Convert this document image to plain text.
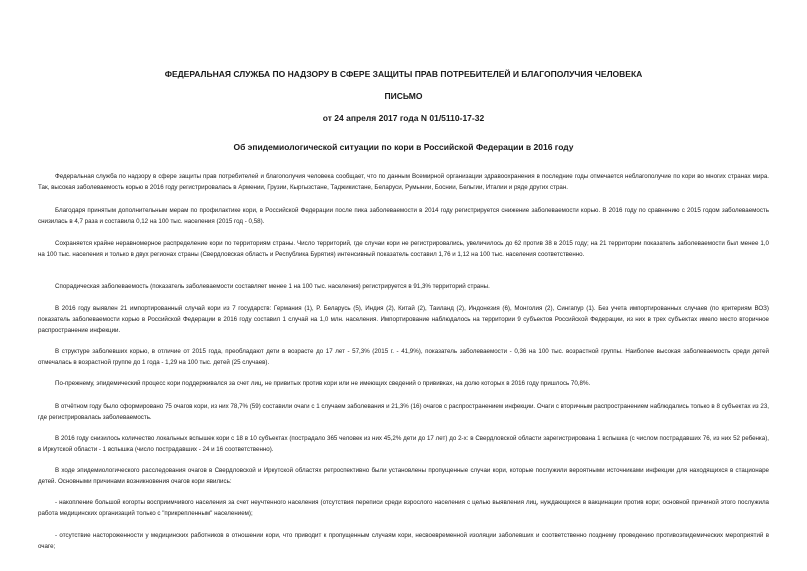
ФЕДЕРАЛЬНАЯ СЛУЖБА ПО НАДЗОРУ В СФЕРЕ ЗАЩИТЫ ПРАВ ПОТРЕБИТЕЛЕЙ И БЛАГОПОЛУЧИЯ ЧЕЛОВЕКА
ПИСЬМО
от 24 апреля 2017 года N 01/5110-17-32
Об эпидемиологической ситуации по кори в Российской Федерации в 2016 году

Федеральная служба по надзору в сфере защиты прав потребителей и благополучия человека сообщает, что по данным Всемирной организации здравоохранения в последние годы отмечается неблагополучие по кори во многих странах мира. Так, высокая заболеваемость корью в 2016 году регистрировалась в Армении, Грузии, Кыргызстане, Таджикистане, Беларуси, Румынии, Боснии, Бельгии, Италии и ряде других стран.

Благодаря принятым дополнительным мерам по профилактике кори, в Российской Федерации после пика заболеваемости в 2014 году регистрируется снижение заболеваемости корью. В 2016 году по сравнению с 2015 годом заболеваемость снизилась в 4,7 раза и составила 0,12 на 100 тыс. населения (2015 год - 0,58).

Сохраняется крайне неравномерное распределение кори по территориям страны. Число территорий, где случаи кори не регистрировались, увеличилось до 62 против 38 в 2015 году; на 21 территории показатель заболеваемости был менее 1,0 на 100 тыс. населения и только в двух регионах страны (Свердловская область и Республика Бурятия) интенсивный показатель составил 1,76 и 1,12 на 100 тыс. населения соответственно.

Спорадическая заболеваемость (показатель заболеваемости составляет менее 1 на 100 тыс. населения) регистрируется в 91,3% территорий страны.

В 2016 году выявлен 21 импортированный случай кори из 7 государств: Германия (1), Р. Беларусь (5), Индия (2), Китай (2), Таиланд (2), Индонезия (6), Монголия (2), Сингапур (1). Без учета импортированных случаев (по критериям ВОЗ) показатель заболеваемости корью в Российской Федерации в 2016 году составил 1 случай на 1,0 млн. населения. Импортирование наблюдалось на территории 9 субъектов Российской Федерации, из них в трех субъектах имело место вторичное распространение инфекции.

В структуре заболевших корью, в отличие от 2015 года, преобладают дети в возрасте до 17 лет - 57,3% (2015 г. - 41,9%), показатель заболеваемости - 0,36 на 100 тыс. возрастной группы. Наиболее высокая заболеваемость среди детей отмечалась в возрастной группе до 1 года - 1,29 на 100 тыс. детей (25 случаев).

По-прежнему, эпидемический процесс кори поддерживался за счет лиц, не привитых против кори или не имеющих сведений о прививках, на долю которых в 2016 году пришлось 70,8%.

В отчётном году было сформировано 75 очагов кори, из них 78,7% (59) составили очаги с 1 случаем заболевания и 21,3% (16) очагов с распространением инфекции. Очаги с вторичным распространением наблюдались только в 8 субъектах из 23, где регистрировалась заболеваемость.

В 2016 году снизилось количество локальных вспышек кори с 18 в 10 субъектах (пострадало 365 человек из них 45,2% дети до 17 лет) до 2-х: в Свердловской области зарегистрирована 1 вспышка (с числом пострадавших 76, из них 52 ребенка), в Иркутской области - 1 вспышка (число пострадавших - 24 и 16 соответственно).

В ходе эпидемиологического расследования очагов в Свердловской и Иркутской областях ретроспективно были установлены пропущенные случаи кори, которые послужили вероятными источниками инфекции для находящихся в стационаре детей. Основными причинами возникновения очагов кори явились:

- накопление большой когорты восприимчивого населения за счет неучтенного населения (отсутствия переписи среди взрослого населения с целью выявления лиц, нуждающихся в вакцинации против кори; основной причиной этого послужила работа медицинских организаций только с "прикрепленным" населением);

- отсутствие настороженности у медицинских работников в отношении кори, что приводит к пропущенным случаям кори, несвоевременной изоляции заболевших и соответственно позднему проведению противоэпидемических мероприятий в очаге;
